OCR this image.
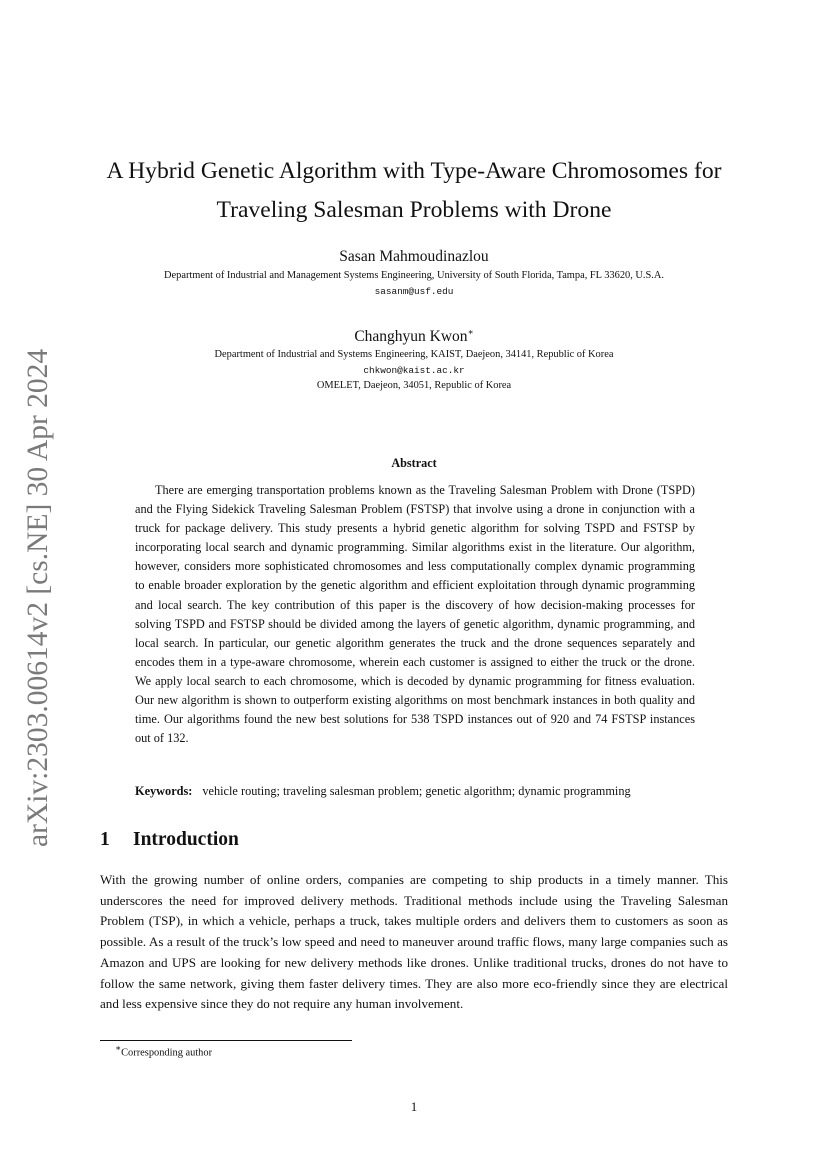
arXiv:2303.00614v2 [cs.NE] 30 Apr 2024
A Hybrid Genetic Algorithm with Type-Aware Chromosomes for
Traveling Salesman Problems with Drone
Sasan Mahmoudinazlou
Department of Industrial and Management Systems Engineering, University of South Florida, Tampa, FL 33620, U.S.A.
sasanm@usf.edu
Changhyun Kwon∗
Department of Industrial and Systems Engineering, KAIST, Daejeon, 34141, Republic of Korea
chkwon@kaist.ac.kr
OMELET, Daejeon, 34051, Republic of Korea
Abstract

There are emerging transportation problems known as the Traveling Salesman Problem with Drone (TSPD) and the Flying Sidekick Traveling Salesman Problem (FSTSP) that involve using a drone in conjunction with a truck for package delivery. This study presents a hybrid genetic algorithm for solving TSPD and FSTSP by incorporating local search and dynamic programming. Similar algorithms exist in the literature. Our algorithm, however, considers more sophisticated chromosomes and less computationally complex dynamic programming to enable broader exploration by the genetic algorithm and efficient exploitation through dynamic programming and local search. The key contribution of this paper is the discovery of how decision-making processes for solving TSPD and FSTSP should be divided among the layers of genetic algorithm, dynamic programming, and local search. In particular, our genetic algorithm generates the truck and the drone sequences separately and encodes them in a type-aware chromosome, wherein each customer is assigned to either the truck or the drone. We apply local search to each chromosome, which is decoded by dynamic programming for fitness evaluation. Our new algorithm is shown to outperform existing algorithms on most benchmark instances in both quality and time. Our algorithms found the new best solutions for 538 TSPD instances out of 920 and 74 FSTSP instances out of 132.

Keywords: vehicle routing; traveling salesman problem; genetic algorithm; dynamic programming
1 Introduction

With the growing number of online orders, companies are competing to ship products in a timely manner. This underscores the need for improved delivery methods. Traditional methods include using the Traveling Salesman Problem (TSP), in which a vehicle, perhaps a truck, takes multiple orders and delivers them to customers as soon as possible. As a result of the truck’s low speed and need to maneuver around traffic flows, many large companies such as Amazon and UPS are looking for new delivery methods like drones. Unlike traditional trucks, drones do not have to follow the same network, giving them faster delivery times. They are also more eco-friendly since they are electrical and less expensive since they do not require any human involvement.

∗Corresponding author
1
